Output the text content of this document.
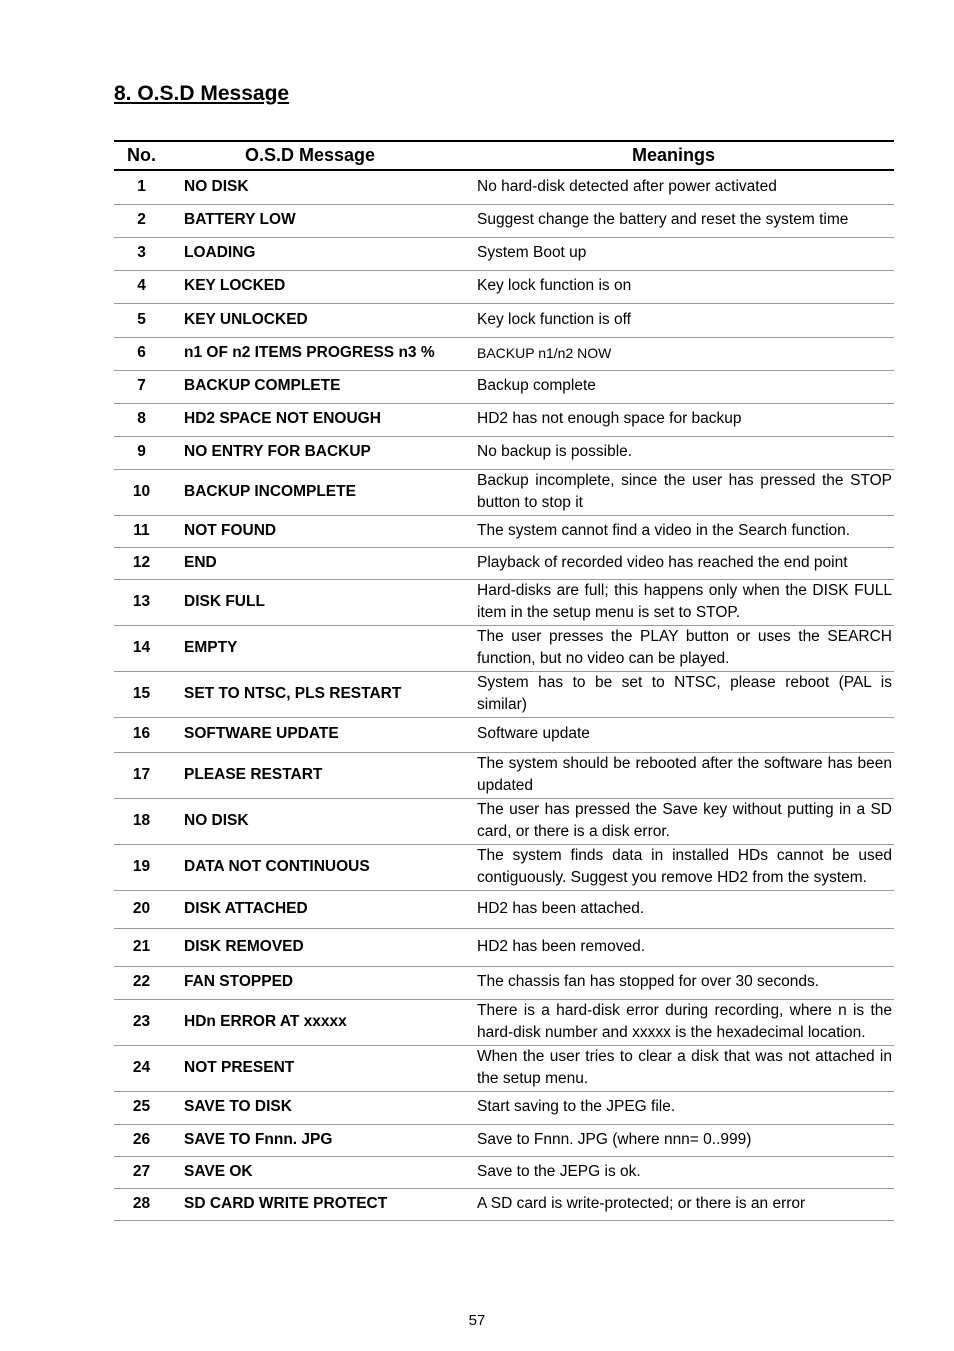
8. O.S.D Message
No.	O.S.D Message	Meanings
1	NO DISK	No hard-disk detected after power activated
2	BATTERY LOW	Suggest change the battery and reset the system time
3	LOADING	System Boot up
4	KEY LOCKED	Key lock function is on
5	KEY UNLOCKED	Key lock function is off
6	n1 OF n2 ITEMS PROGRESS n3 %	BACKUP n1/n2 NOW
7	BACKUP COMPLETE	Backup complete
8	HD2 SPACE NOT ENOUGH	HD2 has not enough space for backup
9	NO ENTRY FOR BACKUP	No backup is possible.
10	BACKUP INCOMPLETE	Backup incomplete, since the user has pressed the STOP button to stop it
11	NOT FOUND	The system cannot find a video in the Search function.
12	END	Playback of recorded video has reached the end point
13	DISK FULL	Hard-disks are full; this happens only when the DISK FULL item in the setup menu is set to STOP.
14	EMPTY	The user presses the PLAY button or uses the SEARCH function, but no video can be played.
15	SET TO NTSC, PLS RESTART	System has to be set to NTSC, please reboot (PAL is similar)
16	SOFTWARE UPDATE	Software update
17	PLEASE RESTART	The system should be rebooted after the software has been updated
18	NO DISK	The user has pressed the Save key without putting in a SD card, or there is a disk error.
19	DATA NOT CONTINUOUS	The system finds data in installed HDs cannot be used contiguously. Suggest you remove HD2 from the system.
20	DISK ATTACHED	HD2 has been attached.
21	DISK REMOVED	HD2 has been removed.
22	FAN STOPPED	The chassis fan has stopped for over 30 seconds.
23	HDn ERROR AT xxxxx	There is a hard-disk error during recording, where n is the hard-disk number and xxxxx is the hexadecimal location.
24	NOT PRESENT	When the user tries to clear a disk that was not attached in the setup menu.
25	SAVE TO DISK	Start saving to the JPEG file.
26	SAVE TO Fnnn. JPG	Save to Fnnn. JPG (where nnn= 0..999)
27	SAVE OK	Save to the JEPG is ok.
28	SD CARD WRITE PROTECT	A SD card is write-protected; or there is an error
57
